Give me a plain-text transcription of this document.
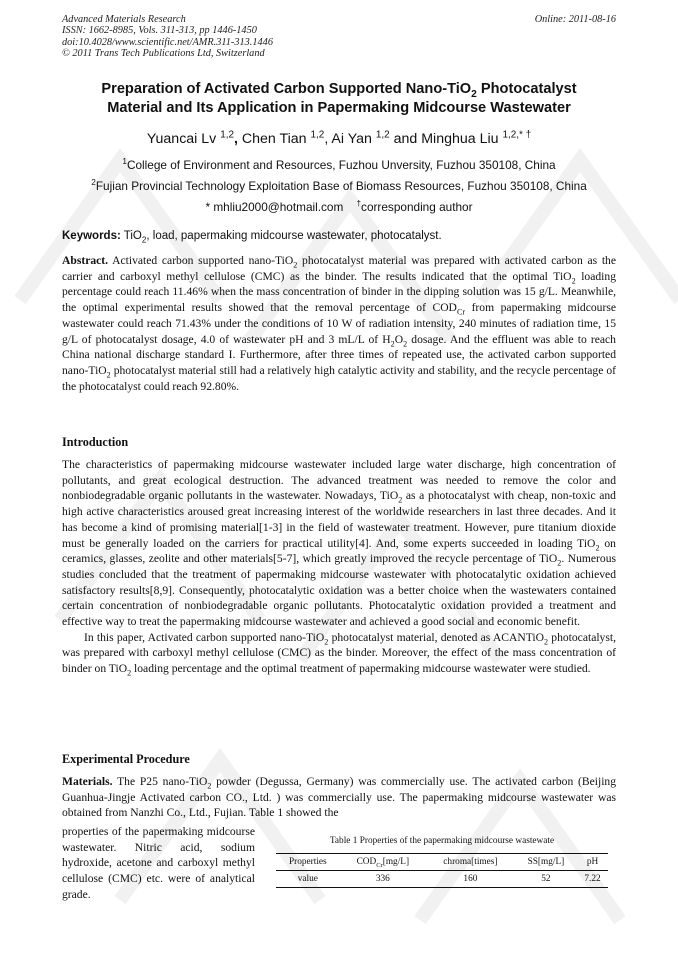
Advanced Materials Research
ISSN: 1662-8985, Vols. 311-313, pp 1446-1450
doi:10.4028/www.scientific.net/AMR.311-313.1446
© 2011 Trans Tech Publications Ltd, Switzerland
Online: 2011-08-16
Preparation of Activated Carbon Supported Nano-TiO$_2$ Photocatalyst
Material and Its Application in Papermaking Midcourse Wastewater
Yuancai Lv $^{1,2}$, Chen Tian $^{1,2}$, Ai Yan $^{1,2}$ and Minghua Liu $^{1,2,* \dagger}$
$^1$College of Environment and Resources, Fuzhou Unversity, Fuzhou 350108, China
$^2$Fujian Provincial Technology Exploitation Base of Biomass Resources, Fuzhou 350108, China
* mhliu2000@hotmail.com †corresponding author
Keywords: TiO$_2$, load, papermaking midcourse wastewater, photocatalyst.
Abstract. Activated carbon supported nano-TiO$_2$ photocatalyst material was prepared with activated carbon as the carrier and carboxyl methyl cellulose (CMC) as the binder. The results indicated that the optimal TiO$_2$ loading percentage could reach 11.46% when the mass concentration of binder in the dipping solution was 15 g/L. Meanwhile, the optimal experimental results showed that the removal percentage of $COD_{Cr}$ from papermaking midcourse wastewater could reach 71.43% under the conditions of 10 W of radiation intensity, 240 minutes of radiation time, 15 g/L of photocatalyst dosage, 4.0 of wastewater pH and 3 mL/L of $H_2O_2$ dosage. And the effluent was able to reach China national discharge standard I. Furthermore, after three times of repeated use, the activated carbon supported nano-TiO$_2$ photocatalyst material still had a relatively high catalytic activity and stability, and the recycle percentage of the photocatalyst could reach 92.80%.
Introduction
The characteristics of papermaking midcourse wastewater included large water discharge, high concentration of pollutants, and great ecological destruction. The advanced treatment was needed to remove the color and nonbiodegradable organic pollutants in the wastewater. Nowadays, TiO$_2$ as a photocatalyst with cheap, non-toxic and high active characteristics aroused great increasing interest of the worldwide researchers in last three decades. And it has become a kind of promising material[1-3] in the field of wastewater treatment. However, pure titanium dioxide must be generally loaded on the carriers for practical utility[4]. And, some experts succeeded in loading TiO$_2$ on ceramics, glasses, zeolite and other materials[5-7], which greatly improved the recycle percentage of TiO$_2$. Numerous studies concluded that the treatment of papermaking midcourse wastewater with photocatalytic oxidation achieved satisfactory results[8,9]. Consequently, photocatalytic oxidation was a better choice when the wastewaters contained certain concentration of nonbiodegradable organic pollutants. Photocatalytic oxidation provided a treatment and effective way to treat the papermaking midcourse wastewater and achieved a good social and economic benefit.
In this paper, Activated carbon supported nano-TiO$_2$ photocatalyst material, denoted as ACANTiO$_2$ photocatalyst, was prepared with carboxyl methyl cellulose (CMC) as the binder. Moreover, the effect of the mass concentration of binder on TiO$_2$ loading percentage and the optimal treatment of papermaking midcourse wastewater were studied.
Experimental Procedure
Materials. The P25 nano-TiO$_2$ powder (Degussa, Germany) was commercially use. The activated carbon (Beijing Guanhua-Jingje Activated carbon CO., Ltd. ) was commercially use. The papermaking midcourse wastewater was obtained from Nanzhi Co., Ltd., Fujian. Table 1 showed the
properties of the papermaking midcourse wastewater. Nitric acid, sodium hydroxide, acetone and carboxyl methyl cellulose (CMC) etc. were of analytical grade.
Table 1 Properties of the papermaking midcourse wastewate
Properties	$COD_{Cr}[mg/L]$	chroma[times]	SS[mg/L]	pH
value	336	160	52	7.22
